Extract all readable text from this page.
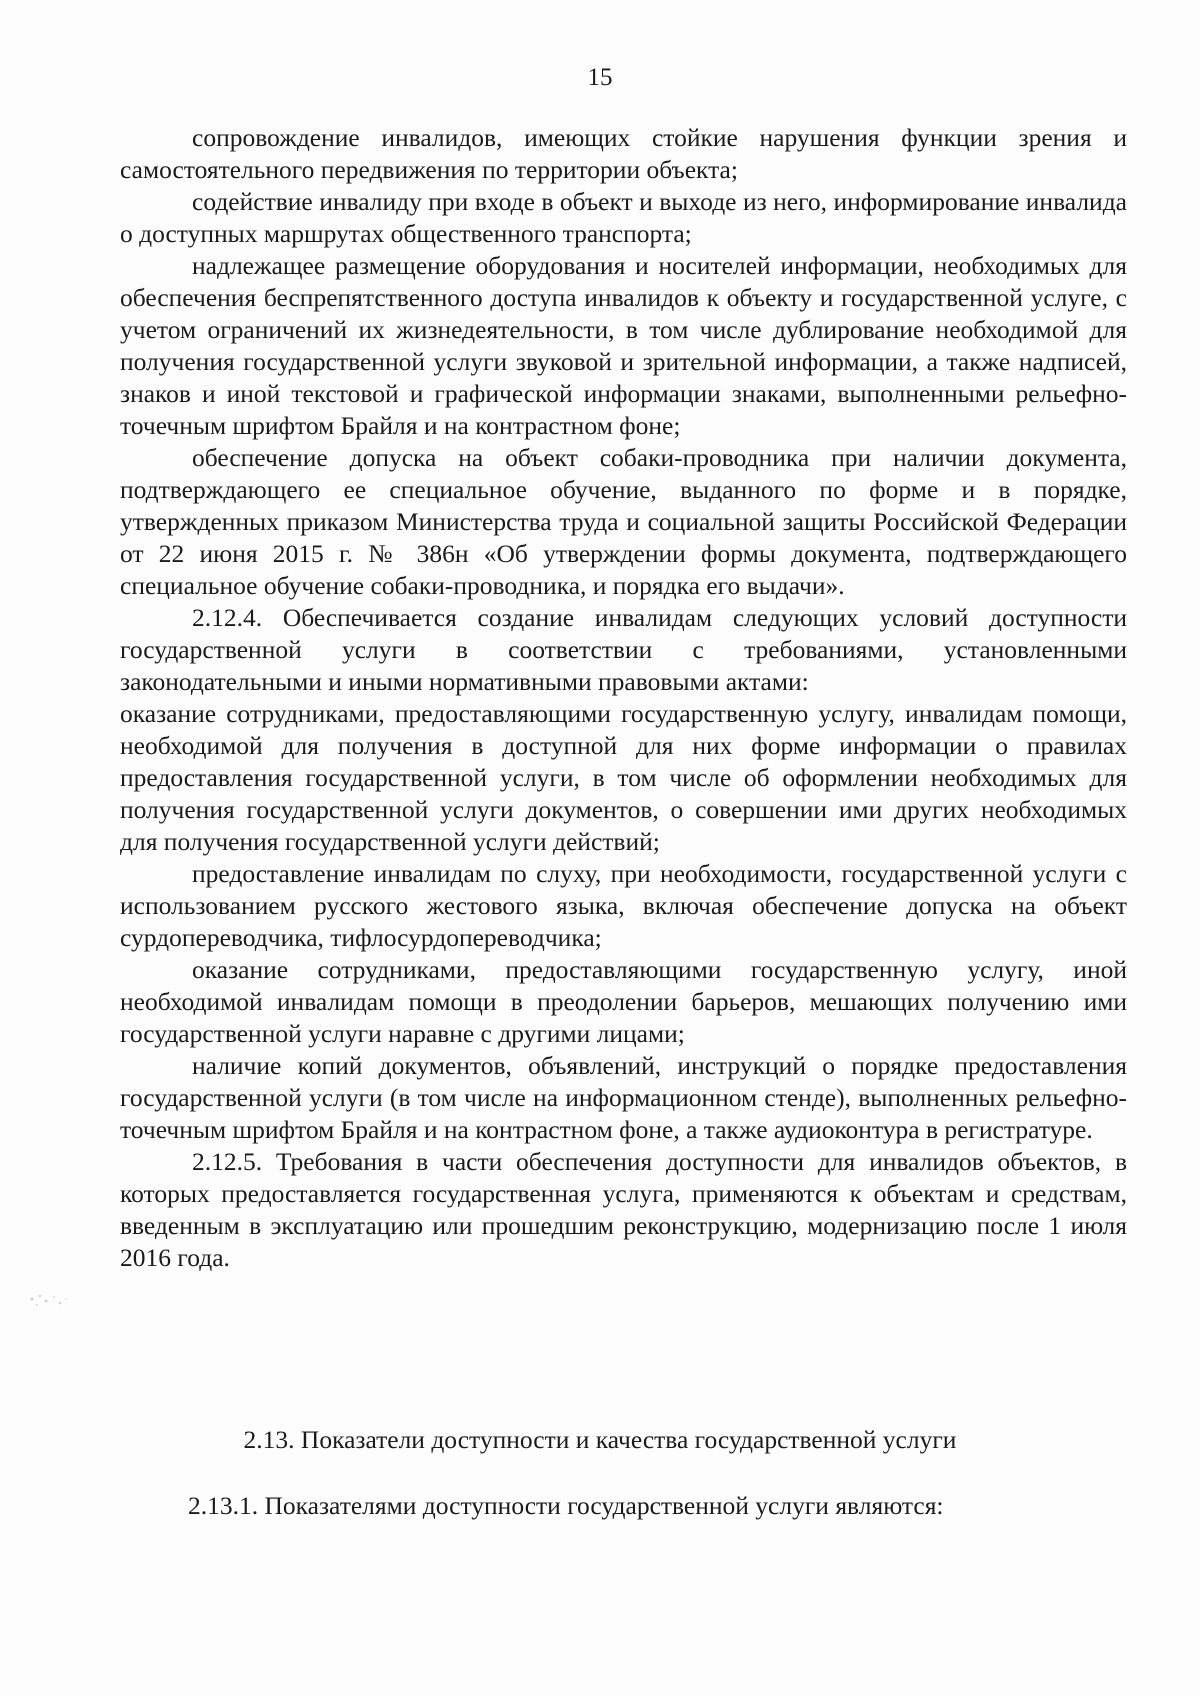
15

сопровождение инвалидов, имеющих стойкие нарушения функции зрения и самостоятельного передвижения по территории объекта;

содействие инвалиду при входе в объект и выходе из него, информирование инвалида о доступных маршрутах общественного транспорта;

надлежащее размещение оборудования и носителей информации, необходимых для обеспечения беспрепятственного доступа инвалидов к объекту и государственной услуге, с учетом ограничений их жизнедеятельности, в том числе дублирование необходимой для получения государственной услуги звуковой и зрительной информации, а также надписей, знаков и иной текстовой и графической информации знаками, выполненными рельефно-точечным шрифтом Брайля и на контрастном фоне;

обеспечение допуска на объект собаки-проводника при наличии документа, подтверждающего ее специальное обучение, выданного по форме и в порядке, утвержденных приказом Министерства труда и социальной защиты Российской Федерации от 22 июня 2015 г. № 386н «Об утверждении формы документа, подтверждающего специальное обучение собаки-проводника, и порядка его выдачи».

2.12.4. Обеспечивается создание инвалидам следующих условий доступности государственной услуги в соответствии с требованиями, установленными законодательными и иными нормативными правовыми актами:

оказание сотрудниками, предоставляющими государственную услугу, инвалидам помощи, необходимой для получения в доступной для них форме информации о правилах предоставления государственной услуги, в том числе об оформлении необходимых для получения государственной услуги документов, о совершении ими других необходимых для получения государственной услуги действий;

предоставление инвалидам по слуху, при необходимости, государственной услуги с использованием русского жестового языка, включая обеспечение допуска на объект сурдопереводчика, тифлосурдопереводчика;

оказание сотрудниками, предоставляющими государственную услугу, иной необходимой инвалидам помощи в преодолении барьеров, мешающих получению ими государственной услуги наравне с другими лицами;

наличие копий документов, объявлений, инструкций о порядке предоставления государственной услуги (в том числе на информационном стенде), выполненных рельефно-точечным шрифтом Брайля и на контрастном фоне, а также аудиоконтура в регистратуре.

2.12.5. Требования в части обеспечения доступности для инвалидов объектов, в которых предоставляется государственная услуга, применяются к объектам и средствам, введенным в эксплуатацию или прошедшим реконструкцию, модернизацию после 1 июля 2016 года.

2.13. Показатели доступности и качества государственной услуги
2.13.1. Показателями доступности государственной услуги являются:
